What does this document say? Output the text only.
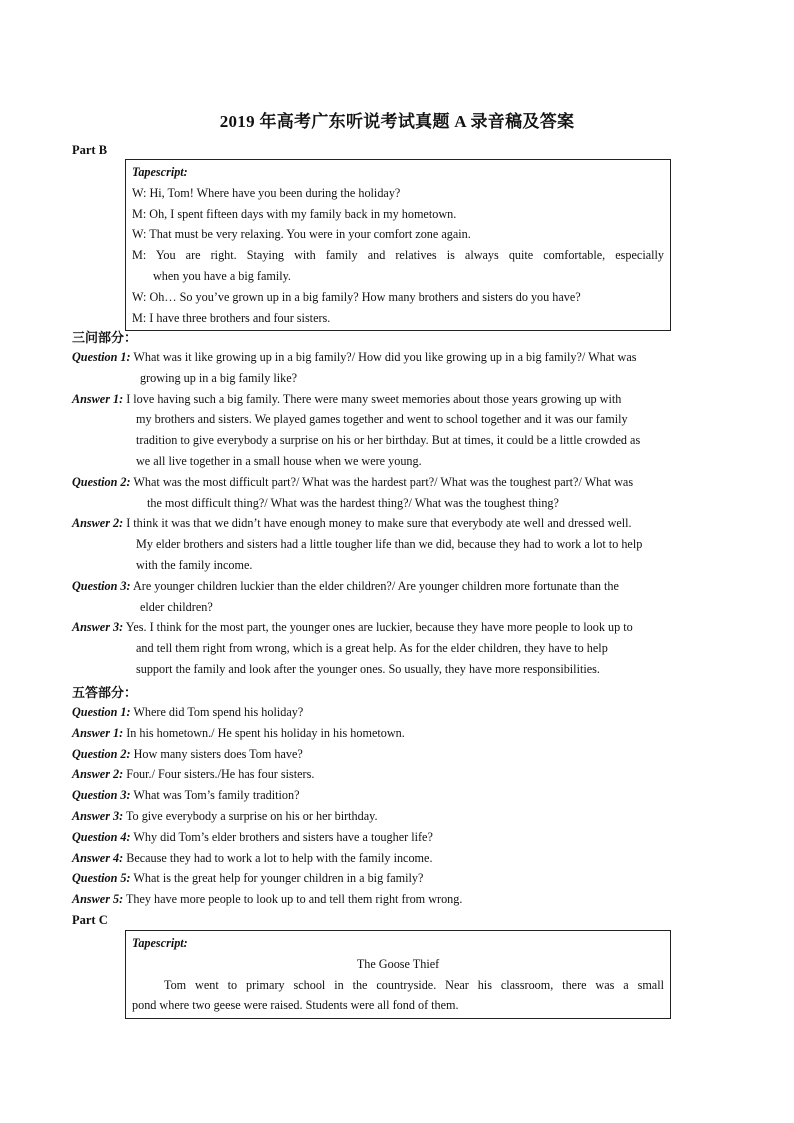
2019 年高考广东听说考试真题 A 录音稿及答案
Part B
Tapescript:
W: Hi, Tom! Where have you been during the holiday?
M: Oh, I spent fifteen days with my family back in my hometown.
W: That must be very relaxing. You were in your comfort zone again.
M: You are right. Staying with family and relatives is always quite comfortable, especially
when you have a big family.
W: Oh… So you’ve grown up in a big family? How many brothers and sisters do you have?
M: I have three brothers and four sisters.
三问部分：
Question 1: What was it like growing up in a big family?/ How did you like growing up in a big family?/ What was
growing up in a big family like?
Answer 1: I love having such a big family. There were many sweet memories about those years growing up with
my brothers and sisters. We played games together and went to school together and it was our family
tradition to give everybody a surprise on his or her birthday. But at times, it could be a little crowded as
we all live together in a small house when we were young.
Question 2: What was the most difficult part?/ What was the hardest part?/ What was the toughest part?/ What was
the most difficult thing?/ What was the hardest thing?/ What was the toughest thing?
Answer 2: I think it was that we didn’t have enough money to make sure that everybody ate well and dressed well.
My elder brothers and sisters had a little tougher life than we did, because they had to work a lot to help
with the family income.
Question 3: Are younger children luckier than the elder children?/ Are younger children more fortunate than the
elder children?
Answer 3: Yes. I think for the most part, the younger ones are luckier, because they have more people to look up to
and tell them right from wrong, which is a great help. As for the elder children, they have to help
support the family and look after the younger ones. So usually, they have more responsibilities.
五答部分：
Question 1: Where did Tom spend his holiday?
Answer 1: In his hometown./ He spent his holiday in his hometown.
Question 2: How many sisters does Tom have?
Answer 2: Four./ Four sisters./He has four sisters.
Question 3: What was Tom’s family tradition?
Answer 3: To give everybody a surprise on his or her birthday.
Question 4: Why did Tom’s elder brothers and sisters have a tougher life?
Answer 4: Because they had to work a lot to help with the family income.
Question 5: What is the great help for younger children in a big family?
Answer 5: They have more people to look up to and tell them right from wrong.
Part C
Tapescript:
The Goose Thief
Tom went to primary school in the countryside. Near his classroom, there was a small
pond where two geese were raised. Students were all fond of them.
